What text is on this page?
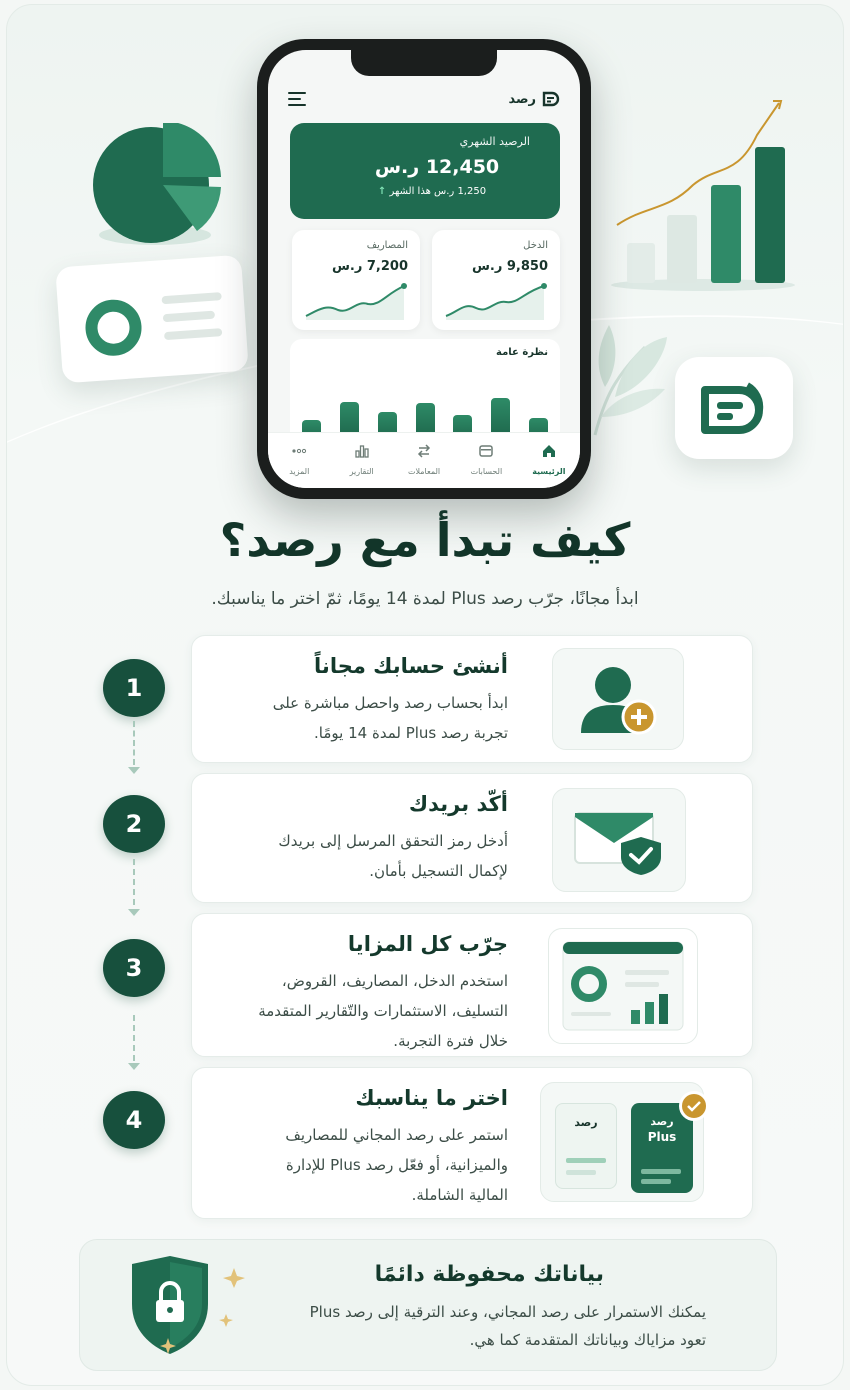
رصد
الرصيد الشهري
12,450 ر.س
1,250 ر.س هذا الشهر ↑
الدخل
9,850 ر.س
المصاريف
7,200 ر.س
نظرة عامة
الرئيسية
الحسابات
المعاملات
التقارير
المزيد
كيف تبدأ مع رصد؟
ابدأ مجانًا، جرّب رصد Plus لمدة 14 يومًا، ثمّ اختر ما يناسبك.
1
أنشئ حسابك مجاناً
ابدأ بحساب رصد واحصل مباشرة على
تجربة رصد Plus لمدة 14 يومًا.
2
أكّد بريدك
أدخل رمز التحقق المرسل إلى بريدك
لإكمال التسجيل بأمان.
3
جرّب كل المزايا
استخدم الدخل، المصاريف، القروض،
التسليف، الاستثمارات والتّقارير المتقدمة
خلال فترة التجربة.
4
اختر ما يناسبك
استمر على رصد المجاني للمصاريف
والميزانية، أو فعّل رصد Plus للإدارة
المالية الشاملة.
رصد	رصد
Plus
بياناتك محفوظة دائمًا
يمكنك الاستمرار على رصد المجاني، وعند الترقية إلى رصد Plus
تعود مزاياك وبياناتك المتقدمة كما هي.
